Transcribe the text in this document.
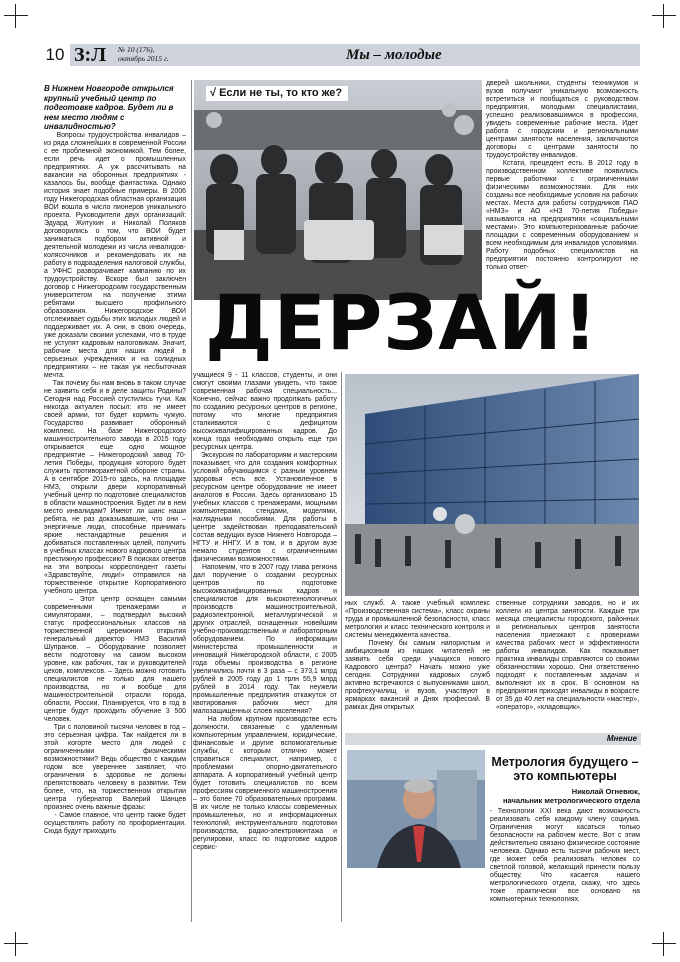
10 З:Л № 10 (176),
октябрь 2015 г.	Мы – молодые
В Нижнем Новгороде открылся крупный учебный центр по подготовке кадров. Будет ли в нем место людям с инвалидностью?
Вопросы трудоустройства инвалидов – из ряда сложнейших в современной России с ее проблемной экономикой. Тем более, если речь идет о промышленных предприятиях. А уж рассчитывать на вакансии на оборонных предприятиях - казалось бы, вообще фантастика. Однако история знает подобные примеры. В 2006 году Нижегородская областная организация ВОИ вошла в число пионеров уникального проекта. Руководители двух организаций: Эдуард Житухин и Николай Поляков договорились о том, что ВОИ будет заниматься подбором активной и деятельной молодежи из числа инвалидов-колясочников и рекомендовать их на работу в подразделения налоговой службы, а УФНС разворачивает кампанию по их трудоустройству. Вскоре был заключен договор с Нижегородским государственным университетом на получение этими ребятами высшего профильного образования. Нижегородское ВОИ отслеживает судьбы этих молодых людей и поддерживает их. А они, в свою очередь, уже доказали своими успехами, что в труде не уступят кадровым налоговикам. Значит, рабочие места для наших людей в серьезных учреждениях и на солидных предприятиях – не такая уж несбыточная мечта.
Так почему бы нам вновь в таком случае не заявить себя и в деле защиты Родины? Сегодня над Россией сгустились тучи. Как никогда актуален посыл: кто не имеет своей армии, тот будет кормить чужую. Государство развивает оборонный комплекс. На базе Нижегородского машиностроительного завода в 2015 году открывается еще одно мощное предприятие – Нижегородский завод 70-летия Победы, продукция которого будет служить противоракетной обороне страны. А в сентябре 2015-го здесь, на площадке НМЗ, открыли двери корпоративный учебный центр по подготовке специалистов в области машиностроения. Будет ли в нем место инвалидам? Имеют ли шанс наши ребята, не раз доказывавшие, что они – энергичные люди, способные принимать яркие нестандартные решения и добиваться поставленных целей, получить в учебных классах нового кадрового центра престижную профессию? В поисках ответов на эти вопросы корреспондент газеты «Здравствуйте, люди!» отправился на торжественное открытие Корпоративного учебного центра.
– Этот центр оснащен самыми современными тренажерами и симуляторами, – подтвердил высокий статус профессиональных классов на торжественной церемонии открытия генеральный директор НМЗ Василий Шупранов. – Оборудование позволяет вести подготовку на самом высоком уровне, как рабочих, так и руководителей цехов, комплексов. – Здесь можно готовить специалистов не только для нашего производства, но и вообще для машиностроительной отрасли города, области, России. Планируется, что в год в центре будут проходить обучение 3 500 человек.
Три с половиной тысячи человек в год – это серьезная цифра. Так найдется ли в этой когорте место для людей с ограниченными физическими возможностями? Ведь общество с каждым годом все увереннее заявляет, что ограничения в здоровье не должны препятствовать человеку в развитии. Тем более, что, на торжественном открытии центра губернатор Валерий Шанцев произнес очень важные фразы:
- Самое главное, что центр также будет осуществлять работу по профориентации. Сюда будут приходить
√ Если не ты, то кто же?
дверей школьники, студенты техникумов и вузов получают уникальную возможность встретиться и пообщаться с руководством предприятия, молодыми специалистами, успешно реализовавшимися в профессии, увидеть современные рабочие места. Идет работа с городским и региональными центрами занятости населения, заключаются договоры с центрами занятости по трудоустройству инвалидов.
Кстати, прецедент есть. В 2012 году в производственном коллективе появились первые работники с ограниченными физическими возможностями. Для них созданы все необходимые условия на рабочих местах. Места для работы сотрудников ПАО «НМЗ» и АО «НЗ 70-летия Победы» называются на предприятиях «социальными местами». Это компьютеризованные рабочие площадки с современным оборудованием и всем необходимым для инвалидов условиями. Работу подобных специалистов на предприятии постоянно контролируют не только ответ-
ДЕРЗАЙ!
учащиеся 9 - 11 классов, студенты, и они смогут своими глазами увидеть, что такое современная рабочая специальность... Конечно, сейчас важно продолжать работу по созданию ресурсных центров в регионе, потому что многие предприятия сталкиваются с дефицитом высококвалифицированных кадров. До конца года необходимо открыть еще три ресурсных центра.
Экскурсия по лабораториям и мастерским показывает, что для создания комфортных условий обучающимся с разным уровнем здоровья есть все. Установленное в ресурсном центре оборудование не имеет аналогов в России. Здесь организовано 15 учебных классов с тренажерами, мощными компьютерами, стендами, моделями, наглядными пособиями. Для работы в центре задействован преподавательский состав ведущих вузов Нижнего Новгорода – НГТУ и ННГУ. И в том, и в другом вузе немало студентов с ограниченными физическими возможностями.
Напомним, что в 2007 году глава региона дал поручение о создании ресурсных центров по подготовке высококвалифицированных кадров и специалистов для высокотехнологичных производств машиностроительной, радиоэлектронной, металлургической и других отраслей, оснащенных новейшим учебно-производственным и лабораторным оборудованием. По информации министерства промышленности и инноваций Нижегородской области, с 2005 года объемы производства в регионе увеличились почти в 3 раза – с 373,1 млрд рублей в 2005 году до 1 трлн 55,9 млрд рублей в 2014 году. Так неужели промышленные предприятия откажутся от квотирования рабочих мест для малозащищенных слоев населения?
На любом крупном производстве есть должности, связанные с удаленным компьютерным управлением, юридические, финансовые и другие вспомогательные службы, с которым отлично может справиться специалист, например, с проблемами опорно-двигательного аппарата. А корпоративный учебный центр будет готовить специалистов по всем профессиям современного машиностроения – это более 70 образовательных программ. В их числе не только классы современных промышленных, но и информационных технологий, инструментального подготовки производства, радио-электромонтажа и регулировки, класс по подготовке кадров сервис-
ных служб. А также учебный комплекс «Производственная система», класс охраны труда и промышленной безопасности, класс метрологии и класс технического контроля и системы менеджмента качества.
Почему бы самым напористым и амбициозным из наших читателей не заявить себя среди учащихся нового Кадрового центра? Начать можно уже сегодня. Сотрудники кадровых служб активно встречаются с выпускниками школ, профтехучилищ и вузов, участвуют в ярмарках вакансий и Днях профессий. В рамках Дня открытых
ственные сотрудники заводов, но и их коллеги из центра занятости. Каждые три месяца специалисты городского, районных и региональных центров занятости населения приезжают с проверками качества рабочих мест и эффективности работы инвалидов. Как показывает практика инвалиды справляются со своими обязанностями хорошо. Они ответственно подходят к поставленным задачам и выполняют их в срок. В основном на предприятия приходят инвалиды в возрасте от 35 до 40 лет на специальности «мастер», «оператор», «кладовщик».
Мнение
Метрология будущего – это компьютеры
Николай Огневюк,
начальник метрологического отдела
- Технологии XXI века дают возможность реализовать себя каждому члену социума. Ограничения могут касаться только безопасности на рабочем месте. Вот с этим действительно связано физическое состояние человека. Однако есть тысячи рабочих мест, где может себя реализовать человек со светлой головой, желающий принести пользу обществу. Что касается нашего метрологического отдела, скажу, что здесь тоже практически все основано на компьютерных технологиях.
